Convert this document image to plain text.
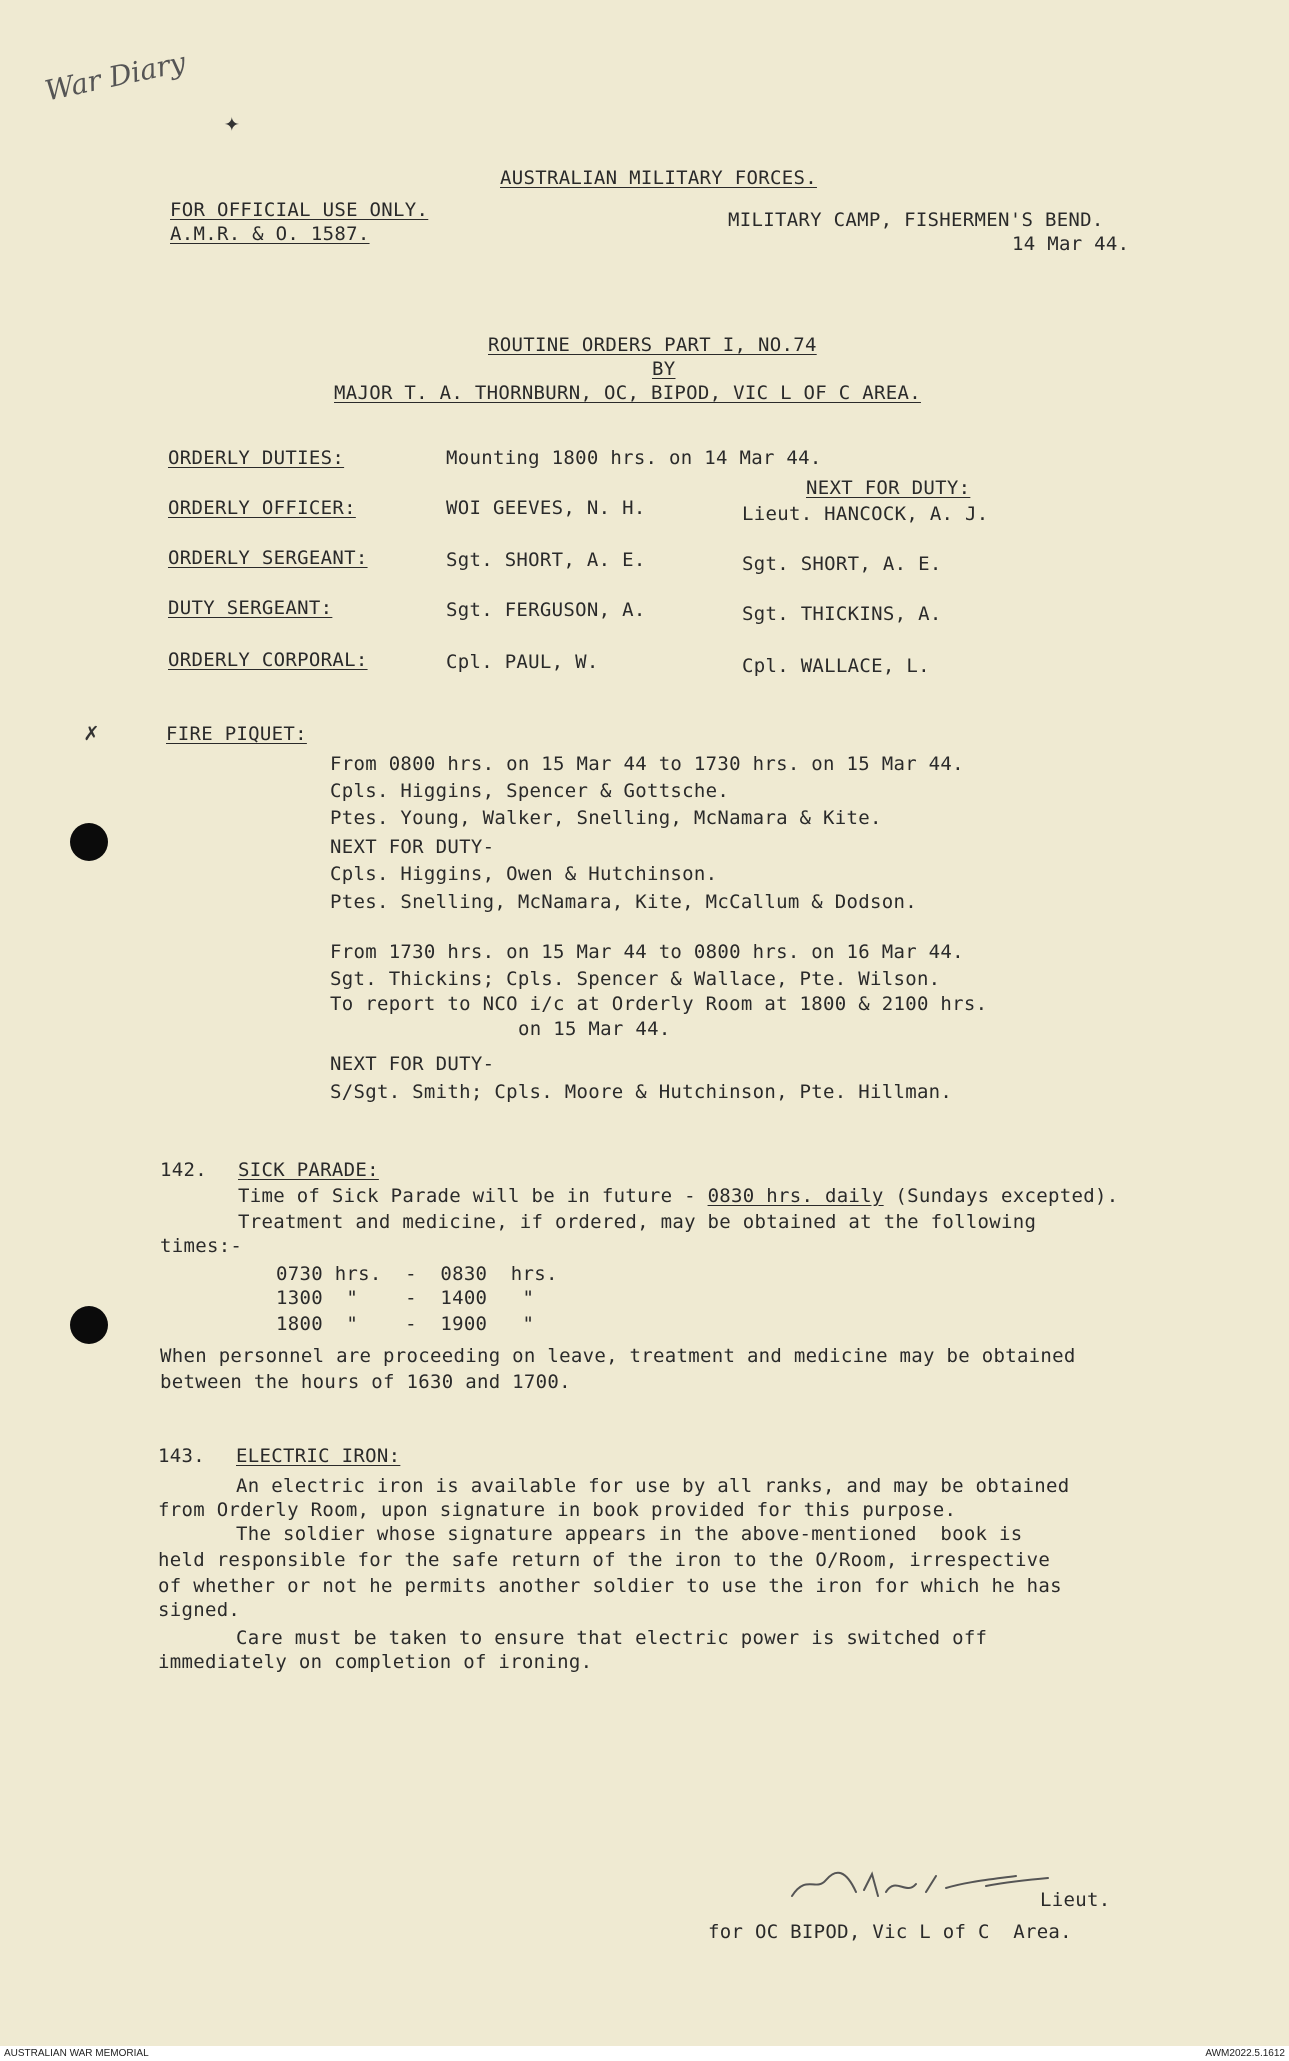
War Diary
✦
AUSTRALIAN MILITARY FORCES.
FOR OFFICIAL USE ONLY.
A.M.R. & O. 1587.
MILITARY CAMP, FISHERMEN'S BEND.
14 Mar 44.
ROUTINE ORDERS PART I, NO.74
BY
MAJOR T. A. THORNBURN, OC, BIPOD, VIC L OF C AREA.
ORDERLY DUTIES:	Mounting 1800 hrs. on 14 Mar 44.
NEXT FOR DUTY:
ORDERLY OFFICER:	WOI GEEVES, N. H.	Lieut. HANCOCK, A. J.
ORDERLY SERGEANT:	Sgt. SHORT, A. E.	Sgt. SHORT, A. E.
DUTY SERGEANT:	Sgt. FERGUSON, A.	Sgt. THICKINS, A.
ORDERLY CORPORAL:	Cpl. PAUL, W.	Cpl. WALLACE, L.
✗	FIRE PIQUET:
From 0800 hrs. on 15 Mar 44 to 1730 hrs. on 15 Mar 44.
Cpls. Higgins, Spencer & Gottsche.
Ptes. Young, Walker, Snelling, McNamara & Kite.
NEXT FOR DUTY-
Cpls. Higgins, Owen & Hutchinson.
Ptes. Snelling, McNamara, Kite, McCallum & Dodson.
From 1730 hrs. on 15 Mar 44 to 0800 hrs. on 16 Mar 44.
Sgt. Thickins; Cpls. Spencer & Wallace, Pte. Wilson.
To report to NCO i/c at Orderly Room at 1800 & 2100 hrs.
on 15 Mar 44.
NEXT FOR DUTY-
S/Sgt. Smith; Cpls. Moore & Hutchinson, Pte. Hillman.
142. SICK PARADE:
Time of Sick Parade will be in future - 0830 hrs. daily (Sundays excepted).
Treatment and medicine, if ordered, may be obtained at the following
times:-
0730 hrs.  -  0830  hrs.
1300  "    -  1400   "
1800  "    -  1900   "
When personnel are proceeding on leave, treatment and medicine may be obtained
between the hours of 1630 and 1700.
143. ELECTRIC IRON:
An electric iron is available for use by all ranks, and may be obtained
from Orderly Room, upon signature in book provided for this purpose.
The soldier whose signature appears in the above-mentioned  book is
held responsible for the safe return of the iron to the O/Room, irrespective
of whether or not he permits another soldier to use the iron for which he has
signed.
Care must be taken to ensure that electric power is switched off
immediately on completion of ironing.
Lieut.
for OC BIPOD, Vic L of C  Area.
AUSTRALIAN WAR MEMORIAL	AWM2022.5.1612
